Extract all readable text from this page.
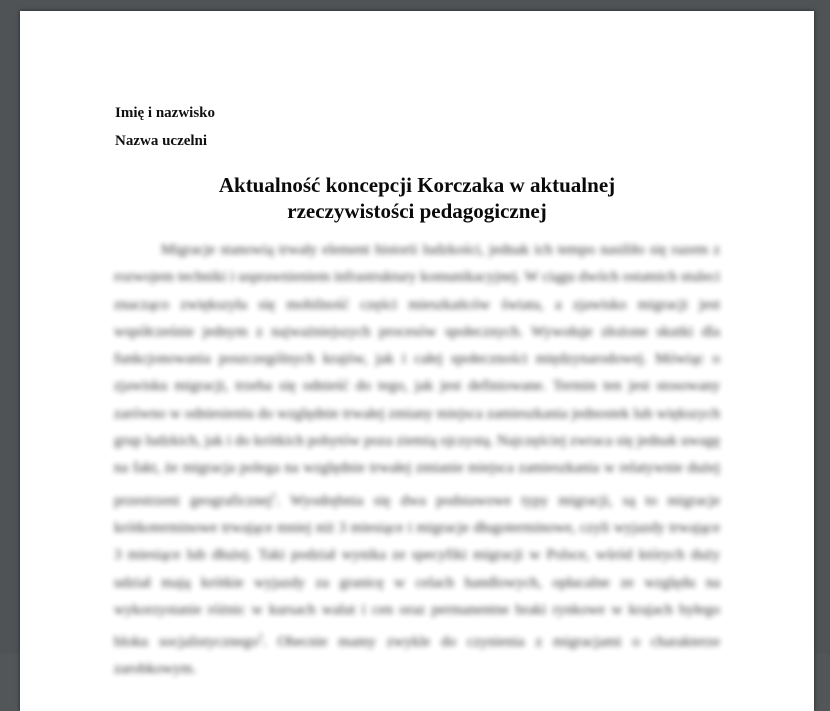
Imię i nazwisko
Nazwa uczelni
Aktualność koncepcji Korczaka w aktualnej
rzeczywistości pedagogicznej

Migracje stanowią trwały element historii ludzkości, jednak ich tempo nasiliło się razem z rozwojem techniki i usprawnieniem infrastruktury komunikacyjnej. W ciągu dwóch ostatnich stuleci znacząco zwiększyła się mobilność części mieszkańców świata, a zjawisko migracji jest współcześnie jednym z najważniejszych procesów społecznych. Wywołuje złożone skutki dla funkcjonowania poszczególnych krajów, jak i całej społeczności międzynarodowej. Mówiąc o zjawisku migracji, trzeba się odnieść do tego, jak jest definiowane. Termin ten jest stosowany zarówno w odniesieniu do względnie trwałej zmiany miejsca zamieszkania jednostek lub większych grup ludzkich, jak i do krótkich pobytów poza ziemią ojczystą. Najczęściej zwraca się jednak uwagę na fakt, że migracja polega na względnie trwałej zmianie miejsca zamieszkania w relatywnie dużej przestrzeni geograficznej$^1$. Wyodrębnia się dwa podstawowe typy migracji, są to migracje krótkoterminowe trwające mniej niż 3 miesiące i migracje długoterminowe, czyli wyjazdy trwające 3 miesiące lub dłużej. Taki podział wynika ze specyfiki migracji w Polsce, wśród których duży udział mają krótkie wyjazdy za granicę w celach handlowych, opłacalne ze względu na wykorzystanie różnic w kursach walut i cen oraz permanentne braki rynkowe w krajach byłego bloku socjalistycznego$^2$. Obecnie mamy zwykle do czynienia z migracjami o charakterze zarobkowym.
